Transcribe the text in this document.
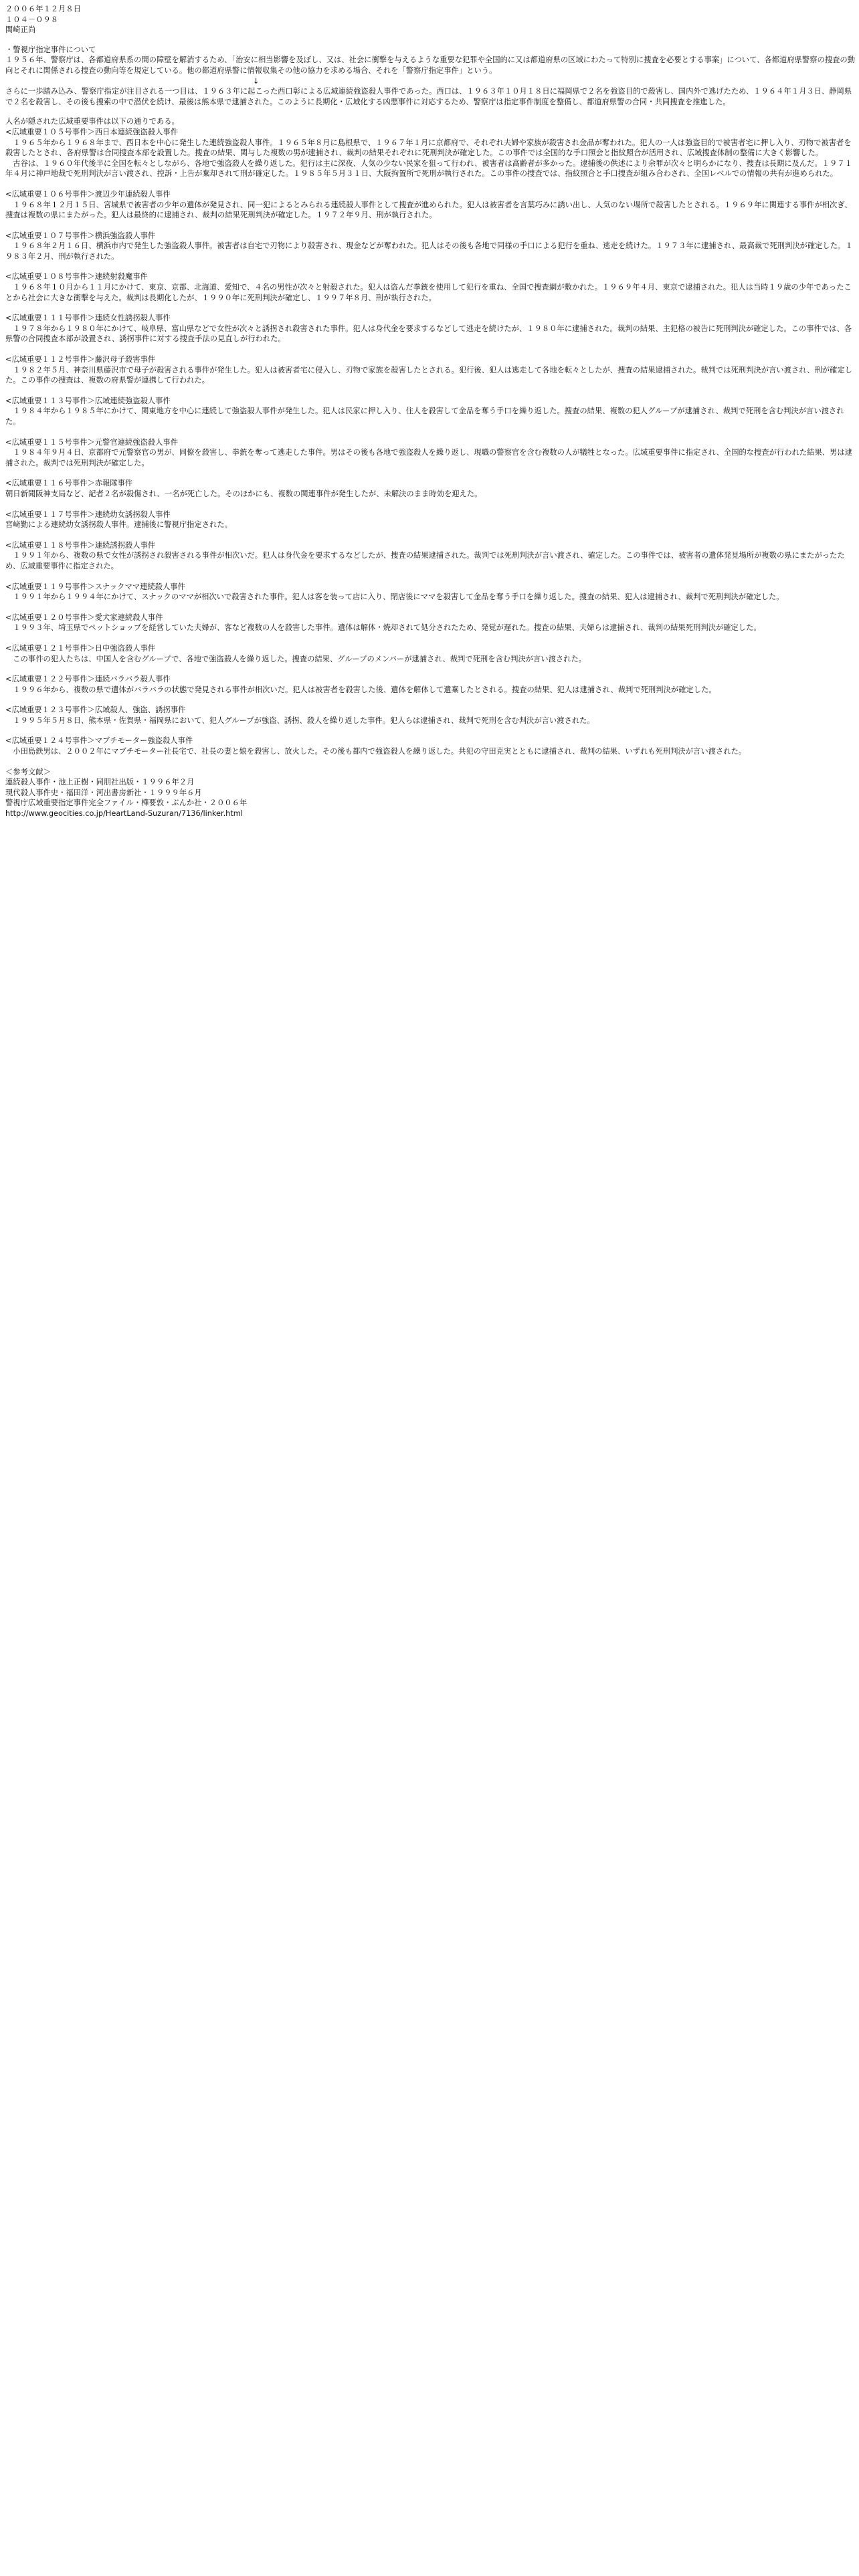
２００６年１２月８日
１０４－０９８
関崎正尚
・警視庁指定事件について
１９５６年、警察庁は、各都道府県系の間の障壁を解消するため、「治安に相当影響を及ぼし、又は、社会に衝撃を与えるような重要な犯罪や全国的に又は都道府県の区域にわたって特別に捜査を必要とする事案」について、各都道府県警察の捜査の動向とそれに関係される捜査の動向等を規定している。他の都道府県警に情報収集その他の協力を求める場合、それを「警察庁指定事件」という。
↓
さらに一歩踏み込み、警察庁指定が注目される一つ目は、１９６３年に起こった西口彰による広域連続強盗殺人事件であった。西口は、１９６３年１０月１８日に福岡県で２名を強盗目的で殺害し、国内外で逃げたため、１９６４年１月３日、静岡県で２名を殺害し、その後も捜索の中で潜伏を続け、最後は熊本県で逮捕された。このように長期化・広域化する凶悪事件に対応するため、警察庁は指定事件制度を整備し、都道府県警の合同・共同捜査を推進した。
人名が隠された広域重要事件は以下の通りである。
<広域重要１０５号事件＞西日本連続強盗殺人事件
　１９６５年から１９６８年まで、西日本を中心に発生した連続強盗殺人事件。１９６５年８月に島根県で、１９６７年１月に京都府で、それぞれ夫婦や家族が殺害され金品が奪われた。犯人の一人は強盗目的で被害者宅に押し入り、刃物で被害者を殺害したとされ、各府県警は合同捜査本部を設置した。捜査の結果、関与した複数の男が逮捕され、裁判の結果それぞれに死刑判決が確定した。この事件では全国的な手口照会と指紋照合が活用され、広域捜査体制の整備に大きく影響した。
　古谷は、１９６０年代後半に全国を転々としながら、各地で強盗殺人を繰り返した。犯行は主に深夜、人気の少ない民家を狙って行われ、被害者は高齢者が多かった。逮捕後の供述により余罪が次々と明らかになり、捜査は長期に及んだ。１９７１年４月に神戸地裁で死刑判決が言い渡され、控訴・上告が棄却されて刑が確定した。１９８５年５月３１日、大阪拘置所で死刑が執行された。この事件の捜査では、指紋照合と手口捜査が組み合わされ、全国レベルでの情報の共有が進められた。
<広域重要１０６号事件＞渡辺少年連続殺人事件
　１９６８年１２月１５日、宮城県で被害者の少年の遺体が発見され、同一犯によるとみられる連続殺人事件として捜査が進められた。犯人は被害者を言葉巧みに誘い出し、人気のない場所で殺害したとされる。１９６９年に関連する事件が相次ぎ、捜査は複数の県にまたがった。犯人は最終的に逮捕され、裁判の結果死刑判決が確定した。１９７２年９月、刑が執行された。
<広域重要１０７号事件＞横浜強盗殺人事件
　１９６８年２月１６日、横浜市内で発生した強盗殺人事件。被害者は自宅で刃物により殺害され、現金などが奪われた。犯人はその後も各地で同様の手口による犯行を重ね、逃走を続けた。１９７３年に逮捕され、最高裁で死刑判決が確定した。１９８３年２月、刑が執行された。
<広域重要１０８号事件＞連続射殺魔事件
　１９６８年１０月から１１月にかけて、東京、京都、北海道、愛知で、４名の男性が次々と射殺された。犯人は盗んだ拳銃を使用して犯行を重ね、全国で捜査網が敷かれた。１９６９年４月、東京で逮捕された。犯人は当時１９歳の少年であったことから社会に大きな衝撃を与えた。裁判は長期化したが、１９９０年に死刑判決が確定し、１９９７年８月、刑が執行された。
<広域重要１１１号事件＞連続女性誘拐殺人事件
　１９７８年から１９８０年にかけて、岐阜県、富山県などで女性が次々と誘拐され殺害された事件。犯人は身代金を要求するなどして逃走を続けたが、１９８０年に逮捕された。裁判の結果、主犯格の被告に死刑判決が確定した。この事件では、各県警の合同捜査本部が設置され、誘拐事件に対する捜査手法の見直しが行われた。
<広域重要１１２号事件＞藤沢母子殺害事件
　１９８２年５月、神奈川県藤沢市で母子が殺害される事件が発生した。犯人は被害者宅に侵入し、刃物で家族を殺害したとされる。犯行後、犯人は逃走して各地を転々としたが、捜査の結果逮捕された。裁判では死刑判決が言い渡され、刑が確定した。この事件の捜査は、複数の府県警が連携して行われた。
<広域重要１１３号事件＞広域連続強盗殺人事件
　１９８４年から１９８５年にかけて、関東地方を中心に連続して強盗殺人事件が発生した。犯人は民家に押し入り、住人を殺害して金品を奪う手口を繰り返した。捜査の結果、複数の犯人グループが逮捕され、裁判で死刑を含む判決が言い渡された。
<広域重要１１５号事件＞元警官連続強盗殺人事件
　１９８４年９月４日、京都府で元警察官の男が、同僚を殺害し、拳銃を奪って逃走した事件。男はその後も各地で強盗殺人を繰り返し、現職の警察官を含む複数の人が犠牲となった。広域重要事件に指定され、全国的な捜査が行われた結果、男は逮捕された。裁判では死刑判決が確定した。
<広域重要１１６号事件＞赤報隊事件
朝日新聞阪神支局など、記者２名が殺傷され、一名が死亡した。そのほかにも、複数の関連事件が発生したが、未解決のまま時効を迎えた。
<広域重要１１７号事件＞連続幼女誘拐殺人事件
宮﨑勤による連続幼女誘拐殺人事件。逮捕後に警視庁指定された。
<広域重要１１８号事件＞連続誘拐殺人事件
　１９９１年から、複数の県で女性が誘拐され殺害される事件が相次いだ。犯人は身代金を要求するなどしたが、捜査の結果逮捕された。裁判では死刑判決が言い渡され、確定した。この事件では、被害者の遺体発見場所が複数の県にまたがったため、広域重要事件に指定された。
<広域重要１１９号事件＞スナックママ連続殺人事件
　１９９１年から１９９４年にかけて、スナックのママが相次いで殺害された事件。犯人は客を装って店に入り、閉店後にママを殺害して金品を奪う手口を繰り返した。捜査の結果、犯人は逮捕され、裁判で死刑判決が確定した。
<広域重要１２０号事件＞愛犬家連続殺人事件
　１９９３年、埼玉県でペットショップを経営していた夫婦が、客など複数の人を殺害した事件。遺体は解体・焼却されて処分されたため、発覚が遅れた。捜査の結果、夫婦らは逮捕され、裁判の結果死刑判決が確定した。
<広域重要１２１号事件＞日中強盗殺人事件
　この事件の犯人たちは、中国人を含むグループで、各地で強盗殺人を繰り返した。捜査の結果、グループのメンバーが逮捕され、裁判で死刑を含む判決が言い渡された。
<広域重要１２２号事件＞連続バラバラ殺人事件
　１９９６年から、複数の県で遺体がバラバラの状態で発見される事件が相次いだ。犯人は被害者を殺害した後、遺体を解体して遺棄したとされる。捜査の結果、犯人は逮捕され、裁判で死刑判決が確定した。
<広域重要１２３号事件＞広域殺人、強盗、誘拐事件
　１９９５年５月８日、熊本県・佐賀県・福岡県において、犯人グループが強盗、誘拐、殺人を繰り返した事件。犯人らは逮捕され、裁判で死刑を含む判決が言い渡された。
<広域重要１２４号事件＞マブチモーター強盗殺人事件
　小田島鉄男は、２００２年にマブチモーター社長宅で、社長の妻と娘を殺害し、放火した。その後も都内で強盗殺人を繰り返した。共犯の守田克実とともに逮捕され、裁判の結果、いずれも死刑判決が言い渡された。
＜参考文献＞
連続殺人事件・池上正樹・同朋社出版・１９９６年２月
現代殺人事件史・福田洋・河出書房新社・１９９９年６月
警視庁広域重要指定事件完全ファイル・樺要敦・ぶんか社・２００６年
http://www.geocities.co.jp/HeartLand-Suzuran/7136/linker.html
